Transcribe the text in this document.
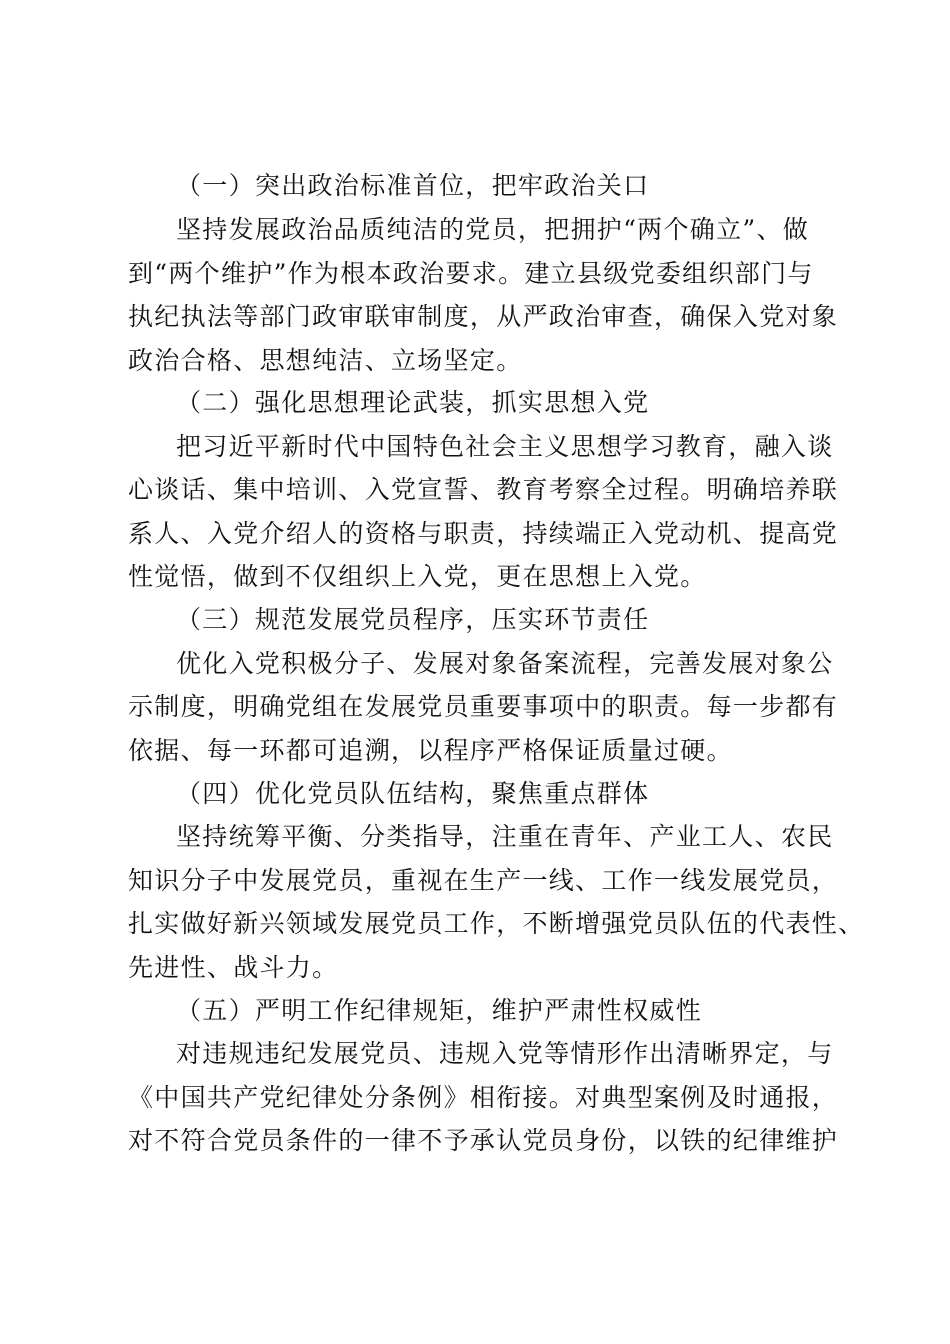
（一）突出政治标准首位，把牢政治关口
坚持发展政治品质纯洁的党员，把拥护“两个确立”、做
到“两个维护”作为根本政治要求。建立县级党委组织部门与
执纪执法等部门政审联审制度，从严政治审查，确保入党对象
政治合格、思想纯洁、立场坚定。
（二）强化思想理论武装，抓实思想入党
把习近平新时代中国特色社会主义思想学习教育，融入谈
心谈话、集中培训、入党宣誓、教育考察全过程。明确培养联
系人、入党介绍人的资格与职责，持续端正入党动机、提高党
性觉悟，做到不仅组织上入党，更在思想上入党。
（三）规范发展党员程序，压实环节责任
优化入党积极分子、发展对象备案流程，完善发展对象公
示制度，明确党组在发展党员重要事项中的职责。每一步都有
依据、每一环都可追溯，以程序严格保证质量过硬。
（四）优化党员队伍结构，聚焦重点群体
坚持统筹平衡、分类指导，注重在青年、产业工人、农民
知识分子中发展党员，重视在生产一线、工作一线发展党员，
扎实做好新兴领域发展党员工作，不断增强党员队伍的代表性、
先进性、战斗力。
（五）严明工作纪律规矩，维护严肃性权威性
对违规违纪发展党员、违规入党等情形作出清晰界定，与
《中国共产党纪律处分条例》相衔接。对典型案例及时通报，
对不符合党员条件的一律不予承认党员身份，以铁的纪律维护
